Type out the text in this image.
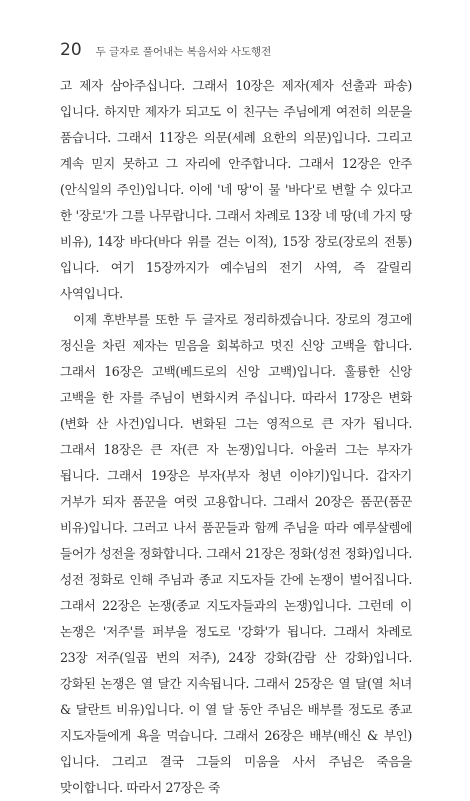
20 두 글자로 풀어내는 복음서와 사도행전

고 제자 삼아주십니다. 그래서 10장은 제자(제자 선출과 파송)입니다. 하지만 제자가 되고도 이 친구는 주님에게 여전히 의문을 품습니다. 그래서 11장은 의문(세례 요한의 의문)입니다. 그리고 계속 믿지 못하고 그 자리에 안주합니다. 그래서 12장은 안주(안식일의 주인)입니다. 이에 '네 땅'이 물 '바다'로 변할 수 있다고 한 '장로'가 그를 나무랍니다. 그래서 차례로 13장 네 땅(네 가지 땅 비유), 14장 바다(바다 위를 걷는 이적), 15장 장로(장로의 전통)입니다. 여기 15장까지가 예수님의 전기 사역, 즉 갈릴리 사역입니다.

이제 후반부를 또한 두 글자로 정리하겠습니다. 장로의 경고에 정신을 차린 제자는 믿음을 회복하고 멋진 신앙 고백을 합니다. 그래서 16장은 고백(베드로의 신앙 고백)입니다. 훌륭한 신앙 고백을 한 자를 주님이 변화시켜 주십니다. 따라서 17장은 변화(변화 산 사건)입니다. 변화된 그는 영적으로 큰 자가 됩니다. 그래서 18장은 큰 자(큰 자 논쟁)입니다. 아울러 그는 부자가 됩니다. 그래서 19장은 부자(부자 청년 이야기)입니다. 갑자기 거부가 되자 품꾼을 여럿 고용합니다. 그래서 20장은 품꾼(품꾼 비유)입니다. 그러고 나서 품꾼들과 함께 주님을 따라 예루살렘에 들어가 성전을 정화합니다. 그래서 21장은 정화(성전 정화)입니다. 성전 정화로 인해 주님과 종교 지도자들 간에 논쟁이 벌어집니다. 그래서 22장은 논쟁(종교 지도자들과의 논쟁)입니다. 그런데 이 논쟁은 '저주'를 퍼부을 정도로 '강화'가 됩니다. 그래서 차례로 23장 저주(일곱 번의 저주), 24장 강화(감람 산 강화)입니다. 강화된 논쟁은 열 달간 지속됩니다. 그래서 25장은 열 달(열 처녀 & 달란트 비유)입니다. 이 열 달 동안 주님은 배부를 정도로 종교 지도자들에게 욕을 먹습니다. 그래서 26장은 배부(배신 & 부인)입니다. 그리고 결국 그들의 미움을 사서 주님은 죽음을 맞이합니다. 따라서 27장은 죽
